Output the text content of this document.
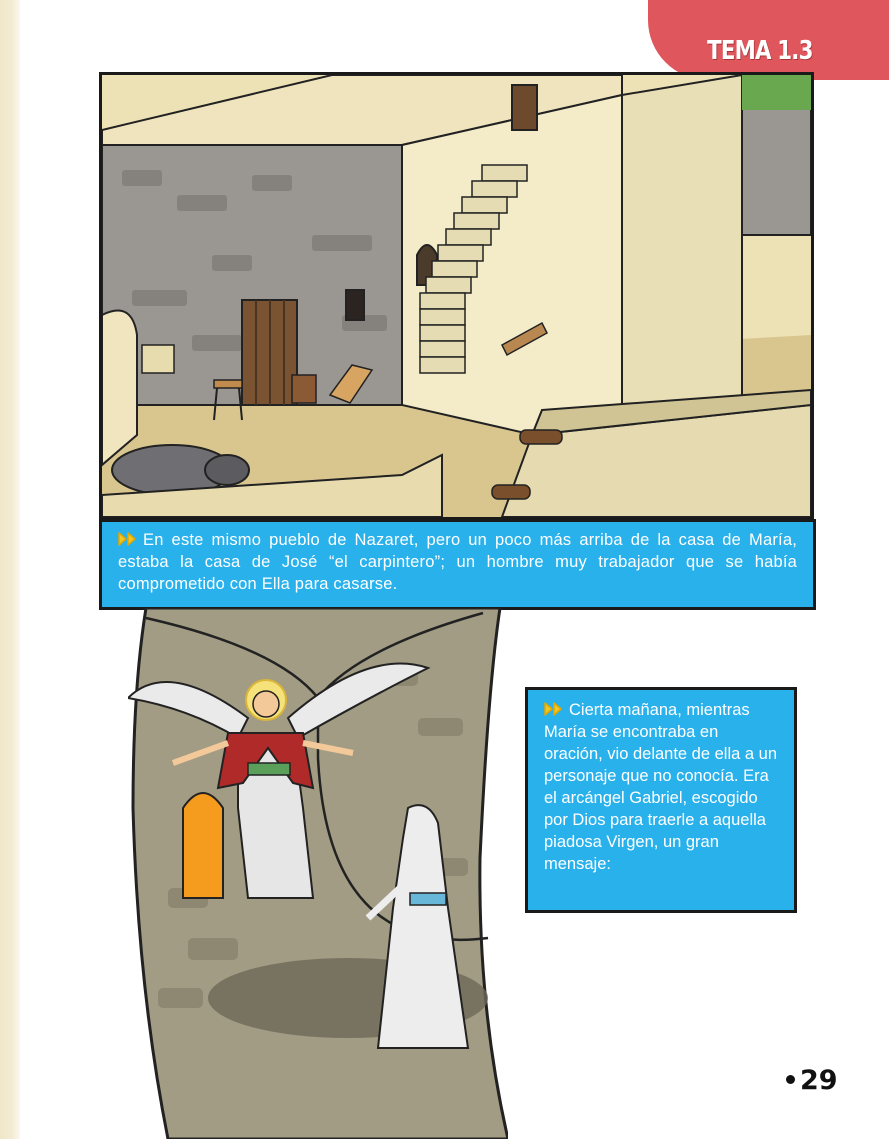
TEMA 1.3
En este mismo pueblo de Nazaret, pero un poco más arriba de la casa de María, estaba la casa de José “el carpintero”; un hombre muy trabajador que se había comprometido con Ella para casarse.
Cierta mañana, mientras María se encontraba en oración, vio delante de ella a un personaje que no conocía. Era el arcángel Gabriel, escogido por Dios para traerle a aquella piadosa Virgen, un gran mensaje:
29
